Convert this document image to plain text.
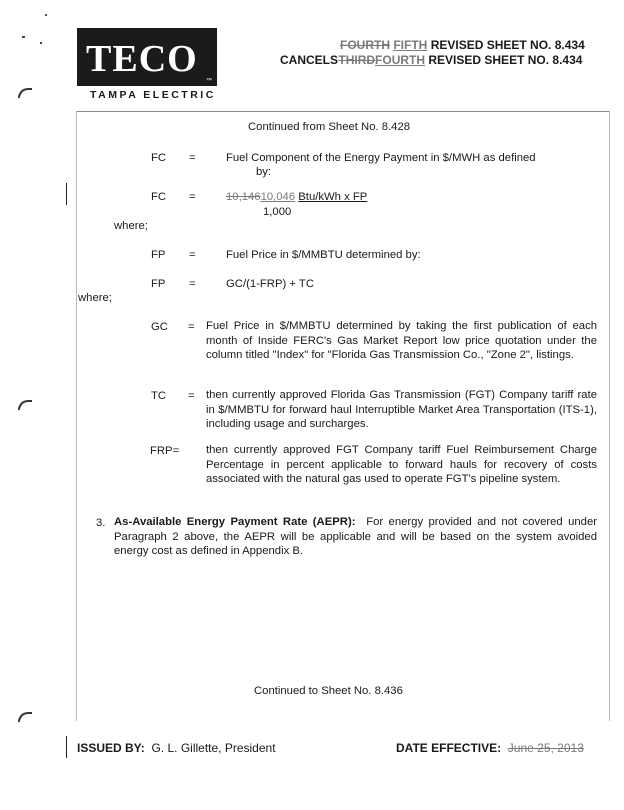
TECO
™
TAMPA ELECTRIC
FOURTH FIFTH REVISED SHEET NO. 8.434
CANCELS THIRDFOURTH REVISED SHEET NO. 8.434
Continued from Sheet No. 8.428
FC =	Fuel Component of the Energy Payment in $/MWH as defined
by:
FC =	10,14610,046 Btu/kWh x FP
1,000
where;
FP =	Fuel Price in $/MMBTU determined by:
FP =	GC/(1-FRP) + TC
where;
GC = Fuel Price in $/MMBTU determined by taking the first publication of each month of Inside FERC's Gas Market Report low price quotation under the column titled "Index" for "Florida Gas Transmission Co., "Zone 2", listings.
TC = then currently approved Florida Gas Transmission (FGT) Company tariff rate in $/MMBTU for forward haul Interruptible Market Area Transportation (ITS-1), including usage and surcharges.
FRP= then currently approved FGT Company tariff Fuel Reimbursement Charge Percentage in percent applicable to forward hauls for recovery of costs associated with the natural gas used to operate FGT's pipeline system.
3. As-Available Energy Payment Rate (AEPR): For energy provided and not covered under Paragraph 2 above, the AEPR will be applicable and will be based on the system avoided energy cost as defined in Appendix B.
Continued to Sheet No. 8.436
ISSUED BY: G. L. Gillette, President	DATE EFFECTIVE: June 25, 2013
